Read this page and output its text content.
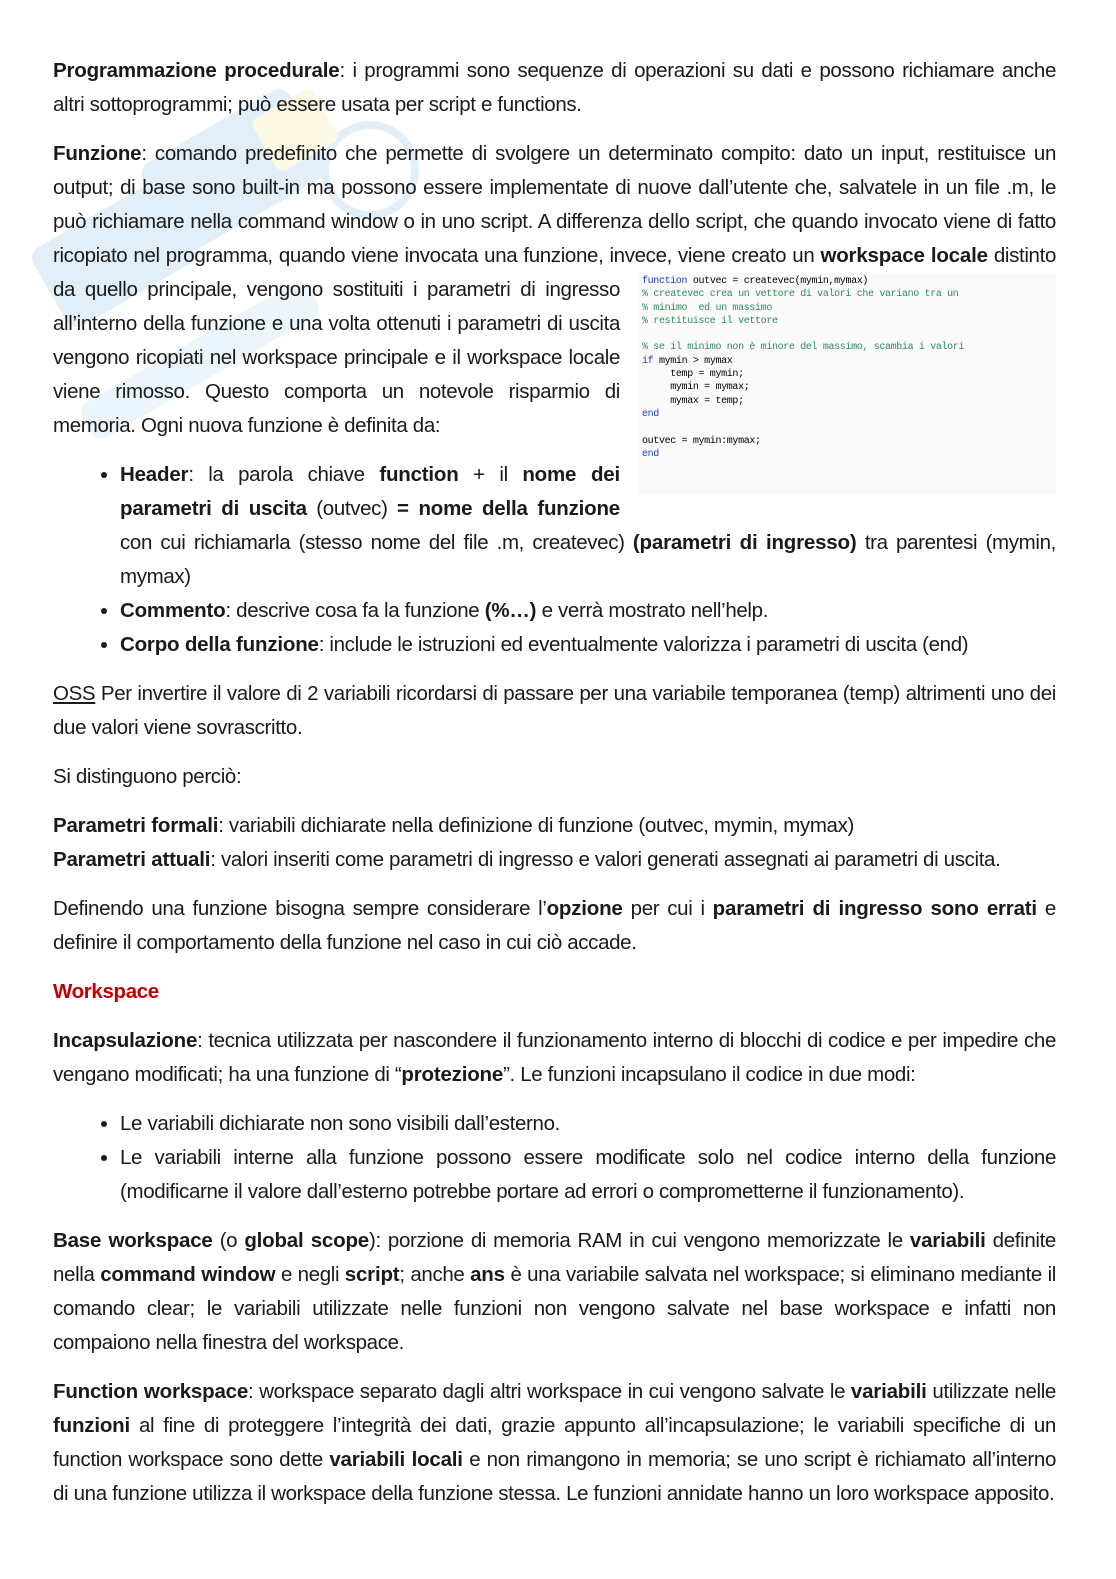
Programmazione procedurale: i programmi sono sequenze di operazioni su dati e possono richiamare anche altri sottoprogrammi; può essere usata per script e functions.

Funzione: comando predefinito che permette di svolgere un determinato compito: dato un input, restituisce un output; di base sono built-in ma possono essere implementate di nuove dall’utente che, salvatele in un file .m, le può richiamare nella command window o in uno script. A differenza dello script, che quando invocato viene di fatto ricopiato nel programma, quando viene invocata una funzione, invece, viene creato un
function outvec = createvec(mymin,mymax)
% createvec crea un vettore di valori che variano tra un
% minimo  ed un massimo
% restituisce il vettore
% se il minimo non è minore del massimo, scambia i valori
if mymin > mymax
temp = mymin;
mymin = mymax;
mymax = temp;
end
outvec = mymin:mymax;
end
workspace locale distinto da quello principale, vengono sostituiti i parametri di ingresso all’interno della funzione e una volta ottenuti i parametri di uscita vengono ricopiati nel workspace principale e il workspace locale viene rimosso. Questo comporta un notevole risparmio di memoria. Ogni nuova funzione è definita da:

• Header: la parola chiave function + il nome dei parametri di uscita (outvec) = nome della funzione con cui richiamarla (stesso nome del file .m, createvec) (parametri di ingresso) tra parentesi (mymin, mymax)
• Commento: descrive cosa fa la funzione (%…) e verrà mostrato nell’help.
• Corpo della funzione: include le istruzioni ed eventualmente valorizza i parametri di uscita (end)

OSS Per invertire il valore di 2 variabili ricordarsi di passare per una variabile temporanea (temp) altrimenti uno dei due valori viene sovrascritto.

Si distinguono perciò:

Parametri formali: variabili dichiarate nella definizione di funzione (outvec, mymin, mymax)

Parametri attuali: valori inseriti come parametri di ingresso e valori generati assegnati ai parametri di uscita.

Definendo una funzione bisogna sempre considerare l’opzione per cui i parametri di ingresso sono errati e definire il comportamento della funzione nel caso in cui ciò accade.

Workspace

Incapsulazione: tecnica utilizzata per nascondere il funzionamento interno di blocchi di codice e per impedire che vengano modificati; ha una funzione di “protezione”. Le funzioni incapsulano il codice in due modi:

• Le variabili dichiarate non sono visibili dall’esterno.
• Le variabili interne alla funzione possono essere modificate solo nel codice interno della funzione (modificarne il valore dall’esterno potrebbe portare ad errori o comprometterne il funzionamento).

Base workspace (o global scope): porzione di memoria RAM in cui vengono memorizzate le variabili definite nella command window e negli script; anche ans è una variabile salvata nel workspace; si eliminano mediante il comando clear; le variabili utilizzate nelle funzioni non vengono salvate nel base workspace e infatti non compaiono nella finestra del workspace.

Function workspace: workspace separato dagli altri workspace in cui vengono salvate le variabili utilizzate nelle funzioni al fine di proteggere l’integrità dei dati, grazie appunto all’incapsulazione; le variabili specifiche di un function workspace sono dette variabili locali e non rimangono in memoria; se uno script è richiamato all’interno di una funzione utilizza il workspace della funzione stessa. Le funzioni annidate hanno un loro workspace apposito.
